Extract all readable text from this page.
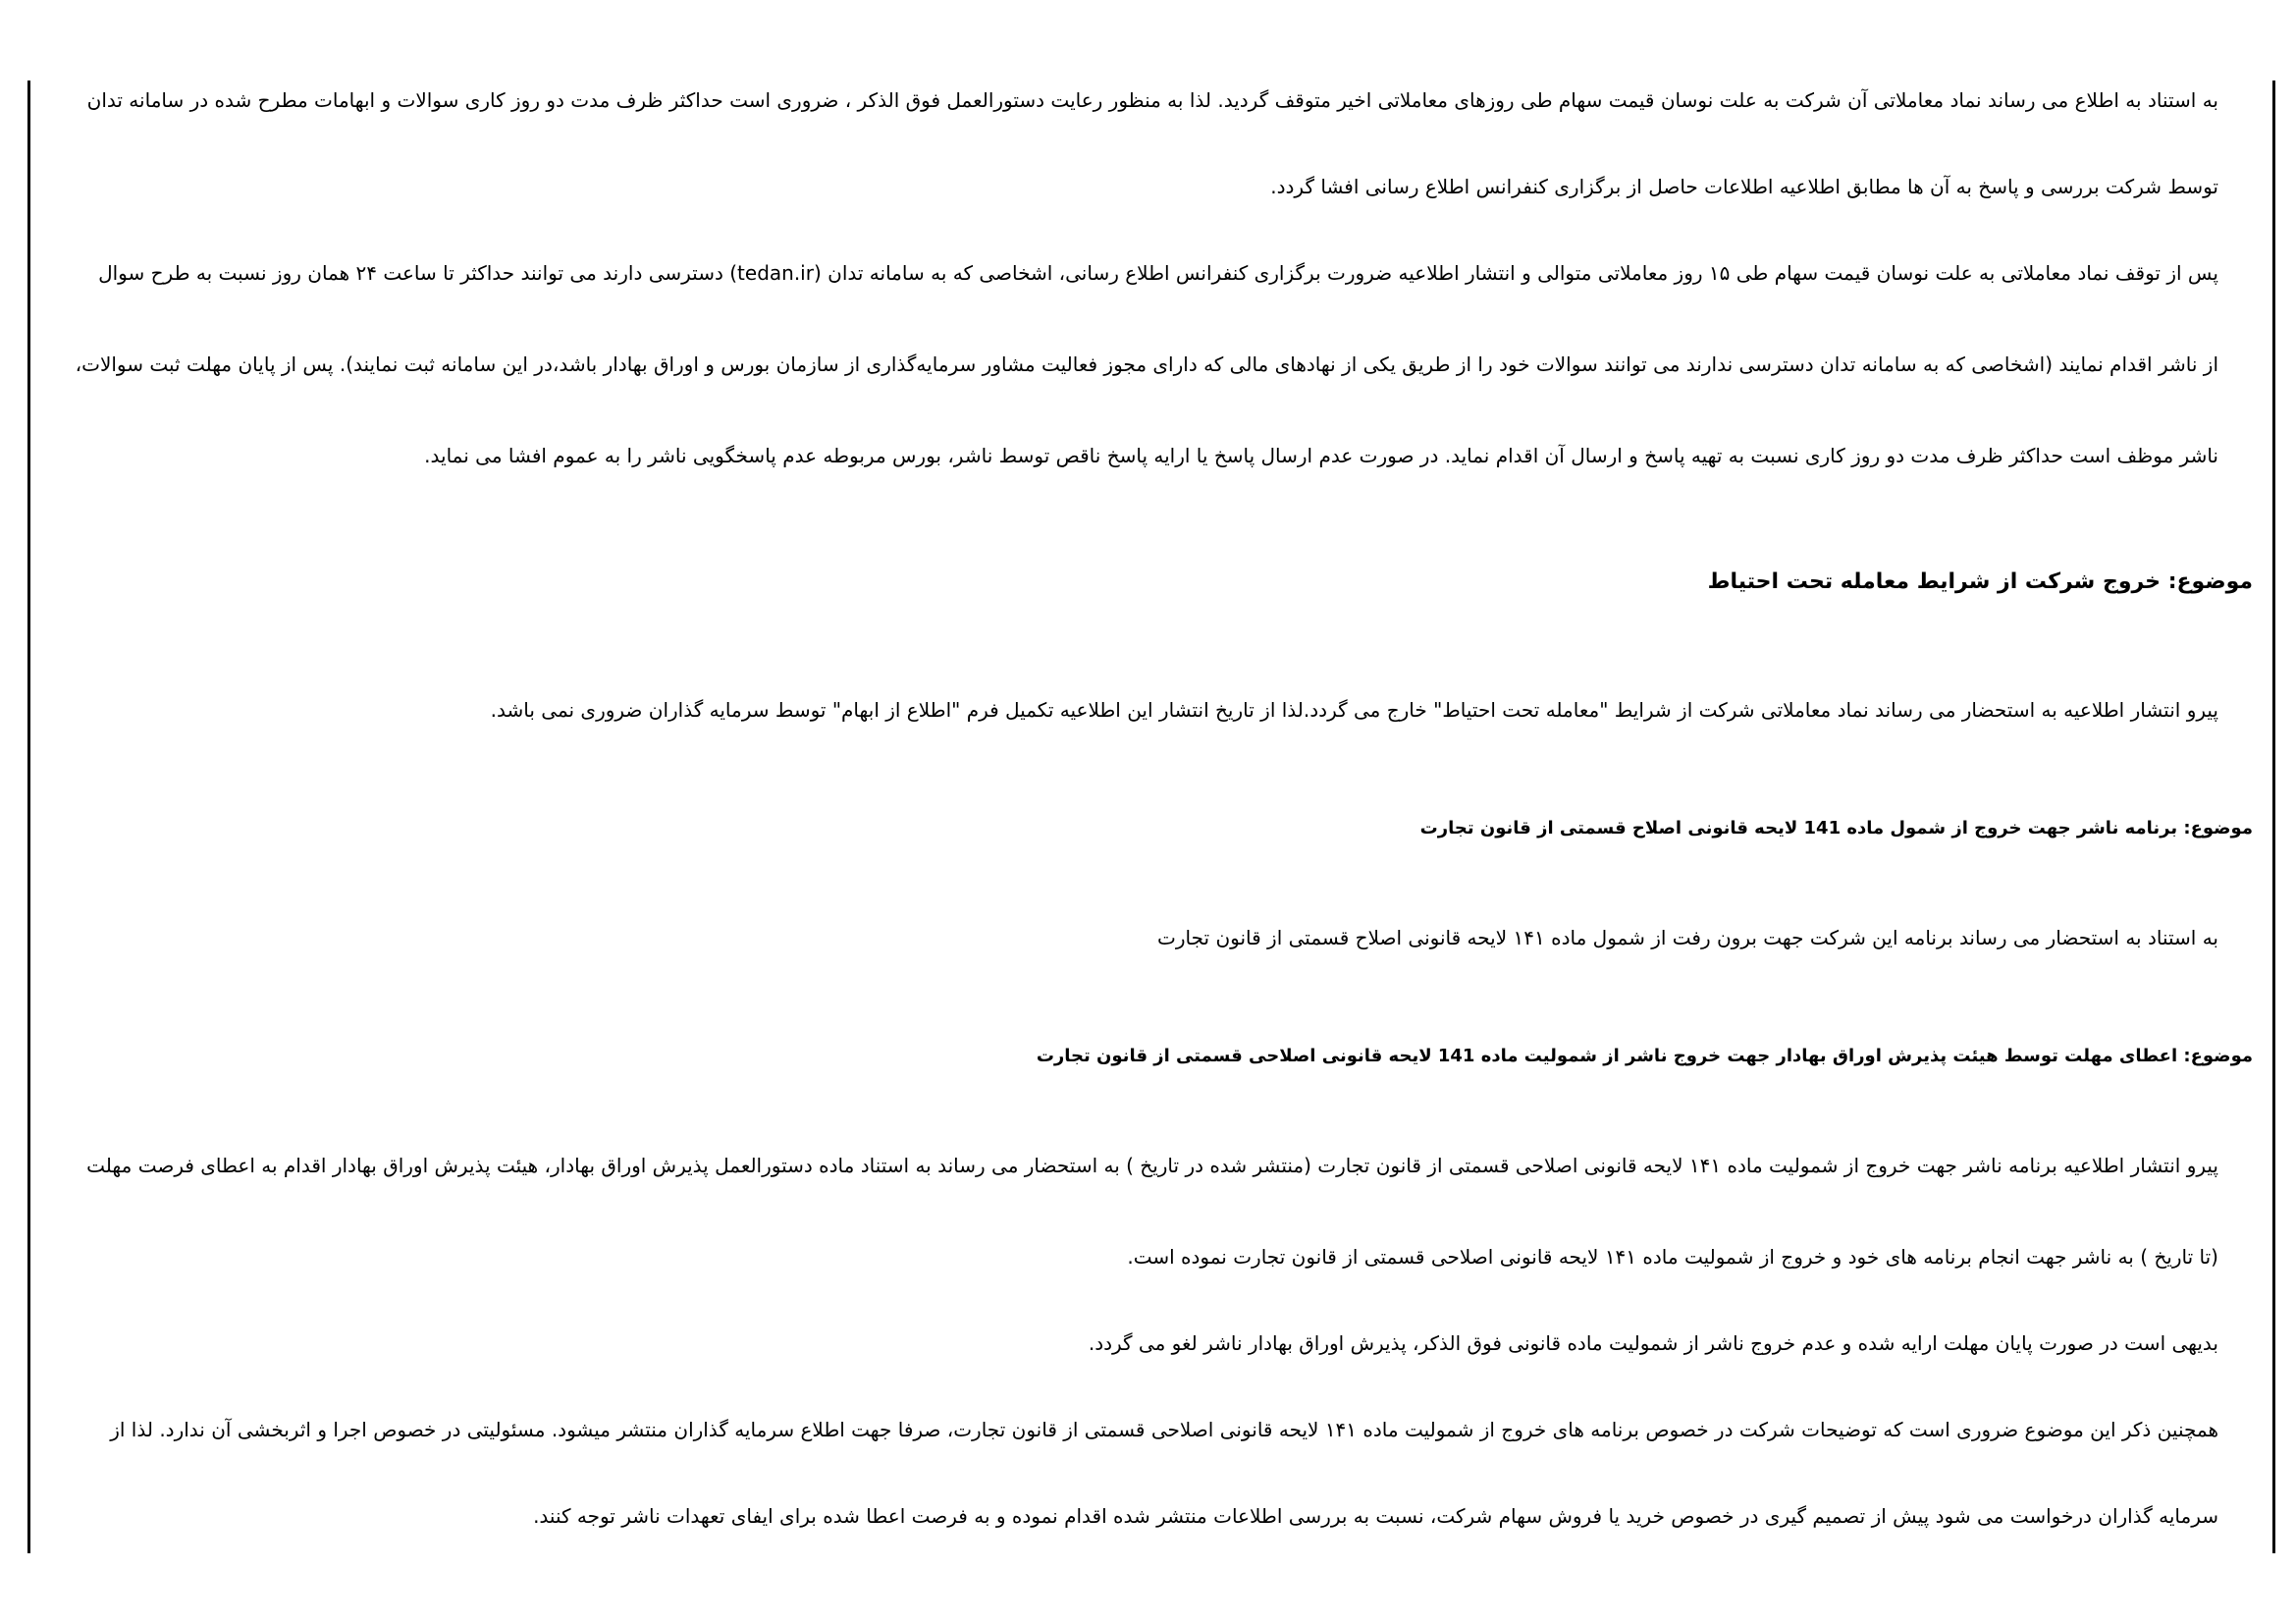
به استناد به اطلاع می رساند نماد معاملاتی آن شرکت به علت نوسان قیمت سهام طی روزهای معاملاتی اخیر متوقف گردید. لذا به منظور رعایت دستورالعمل فوق الذکر ، ضروری است حداکثر ظرف مدت دو روز کاری سوالات و ابهامات مطرح شده در سامانه تدان
توسط شرکت بررسی و پاسخ به آن ها مطابق اطلاعیه اطلاعات حاصل از برگزاری کنفرانس اطلاع رسانی افشا گردد.
پس از توقف نماد معاملاتی به علت نوسان قیمت سهام طی ۱۵ روز معاملاتی متوالی و انتشار اطلاعیه ضرورت برگزاری کنفرانس اطلاع رسانی، اشخاصی که به سامانه تدان (tedan.ir) دسترسی دارند می توانند حداکثر تا ساعت ۲۴ همان روز نسبت به طرح سوال
از ناشر اقدام نمایند (اشخاصی که به سامانه تدان دسترسی ندارند می توانند سوالات خود را از طریق یکی از نهادهای مالی که دارای مجوز فعالیت مشاور سرمایه‌گذاری از سازمان بورس و اوراق بهادار باشد،در این سامانه ثبت نمایند). پس از پایان مهلت ثبت سوالات،
ناشر موظف است حداکثر ظرف مدت دو روز کاری نسبت به تهیه پاسخ و ارسال آن اقدام نماید. در صورت عدم ارسال پاسخ یا ارایه پاسخ ناقص توسط ناشر، بورس مربوطه عدم پاسخگویی ناشر را به عموم افشا می نماید.
موضوع: خروج شرکت از شرایط معامله تحت احتیاط
پیرو انتشار اطلاعیه به استحضار می رساند نماد معاملاتی شرکت از شرایط "معامله تحت احتیاط" خارج می گردد.لذا از تاریخ انتشار این اطلاعیه تکمیل فرم "اطلاع از ابهام" توسط سرمایه گذاران ضروری نمی باشد.
موضوع: برنامه ناشر جهت خروج از شمول ماده 141 لایحه قانونی اصلاح قسمتی از قانون تجارت
به استناد به استحضار می رساند برنامه این شرکت جهت برون رفت از شمول ماده ۱۴۱ لایحه قانونی اصلاح قسمتی از قانون تجارت
موضوع: اعطای مهلت توسط هیئت پذیرش اوراق بهادار جهت خروج ناشر از شمولیت ماده 141 لایحه قانونی اصلاحی قسمتی از قانون تجارت
پیرو انتشار اطلاعیه برنامه ناشر جهت خروج از شمولیت ماده ۱۴۱ لایحه قانونی اصلاحی قسمتی از قانون تجارت (منتشر شده در تاریخ ) به استحضار می رساند به استناد ماده دستورالعمل پذیرش اوراق بهادار، هیئت پذیرش اوراق بهادار اقدام به اعطای فرصت مهلت
(تا تاریخ ) به ناشر جهت انجام برنامه های خود و خروج از شمولیت ماده ۱۴۱ لایحه قانونی اصلاحی قسمتی از قانون تجارت نموده است.
بدیهی است در صورت پایان مهلت ارایه شده و عدم خروج ناشر از شمولیت ماده قانونی فوق الذکر، پذیرش اوراق بهادار ناشر لغو می گردد.
همچنین ذکر این موضوع ضروری است که توضیحات شرکت در خصوص برنامه های خروج از شمولیت ماده ۱۴۱ لایحه قانونی اصلاحی قسمتی از قانون تجارت، صرفا جهت اطلاع سرمایه گذاران منتشر میشود. مسئولیتی در خصوص اجرا و اثربخشی آن ندارد. لذا از
سرمایه گذاران درخواست می شود پیش از تصمیم گیری در خصوص خرید یا فروش سهام شرکت، نسبت به بررسی اطلاعات منتشر شده اقدام نموده و به فرصت اعطا شده برای ایفای تعهدات ناشر توجه کنند.
